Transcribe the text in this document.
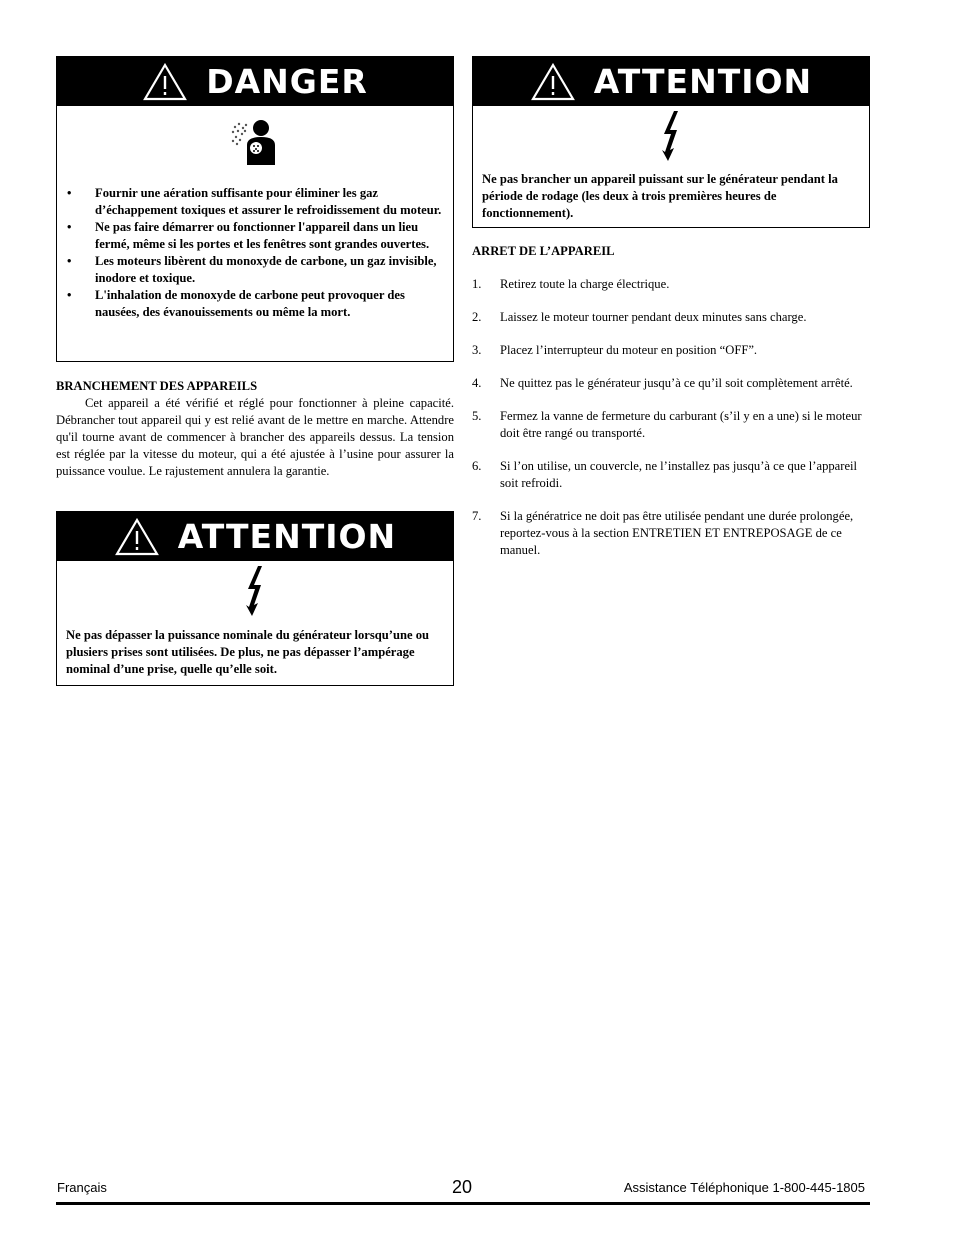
DANGER
• Fournir une aération suffisante pour éliminer les gaz d’échappement toxiques et assurer le refroidissement du moteur.
• Ne pas faire démarrer ou fonctionner l'appareil dans un lieu fermé, même si les portes et les fenêtres sont grandes ouvertes.
• Les moteurs libèrent du monoxyde de carbone, un gaz invisible, inodore et toxique.
• L'inhalation de monoxyde de carbone peut provoquer des nausées, des évanouissements ou même la mort.

BRANCHEMENT DES APPAREILS

Cet appareil a été vérifié et réglé pour fonctionner à pleine capacité. Débrancher tout appareil qui y est relié avant de le mettre en marche. Attendre qu'il tourne avant de commencer à brancher des appareils dessus. La tension est réglée par la vitesse du moteur, qui a été ajustée à l’usine pour assurer la puissance voulue. Le rajustement annulera la garantie.

ATTENTION

Ne pas dépasser la puissance nominale du générateur lorsqu’une ou plusiers prises sont utilisées. De plus, ne pas dépasser l’ampérage nominal d’une prise, quelle qu’elle soit.

ATTENTION

Ne pas brancher un appareil puissant sur le générateur pendant la période de rodage (les deux à trois premières heures de fonctionnement).

ARRET DE L’APPAREIL

1. Retirez toute la charge électrique.
2. Laissez le moteur tourner pendant deux minutes sans charge.
3. Placez l’interrupteur du moteur en position “OFF”.
4. Ne quittez pas le générateur jusqu’à ce qu’il soit complètement arrêté.
5. Fermez la vanne de fermeture du carburant (s’il y en a une) si le moteur doit être rangé ou transporté.
6. Si l’on utilise, un couvercle, ne l’installez pas jusqu’à ce que l’appareil soit refroidi.
7. Si la génératrice ne doit pas être utilisée pendant une durée prolongée, reportez-vous à la section ENTRETIEN ET ENTREPOSAGE de ce manuel.
Français	20	Assistance Téléphonique 1-800-445-1805
